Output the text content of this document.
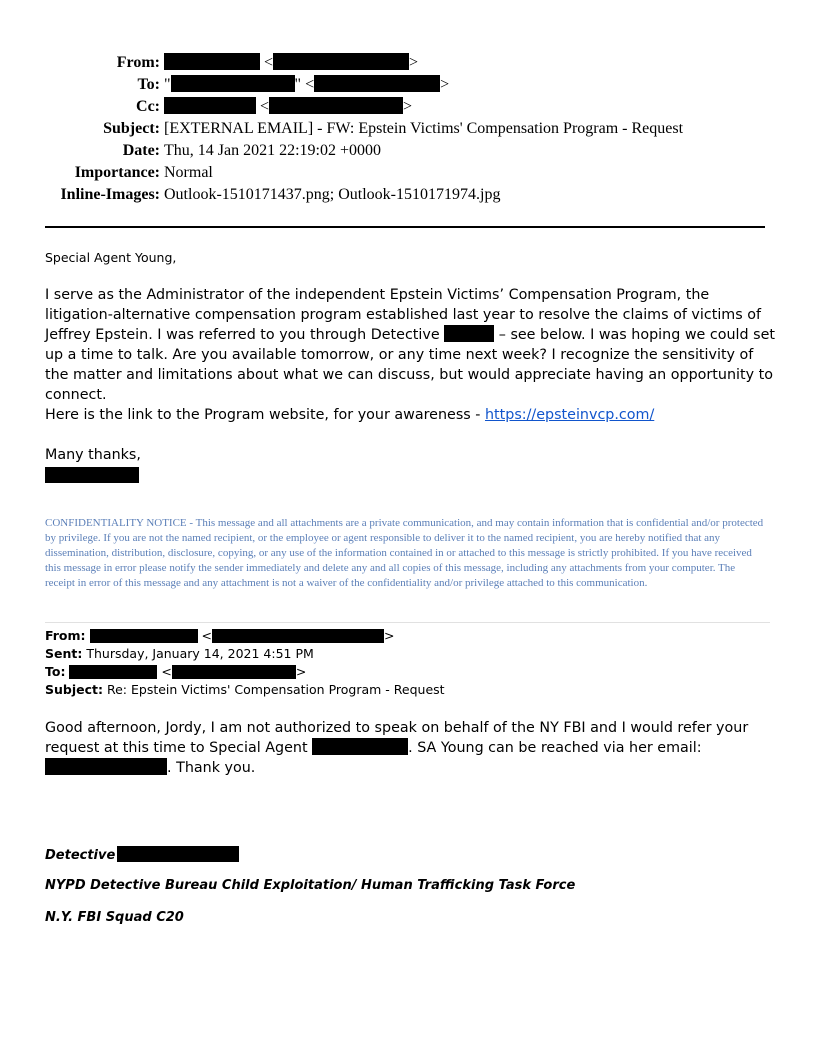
From:	<	>
To: "	" <	>
Cc:	<	>
Subject: [EXTERNAL EMAIL] - FW: Epstein Victims' Compensation Program - Request
Date: Thu, 14 Jan 2021 22:19:02 +0000
Importance: Normal
Inline-Images: Outlook-1510171437.png; Outlook-1510171974.jpg
Special Agent Young,
I serve as the Administrator of the independent Epstein Victims’ Compensation Program, the litigation-alternative compensation program established last year to resolve the claims of victims of Jeffrey Epstein. I was referred to you through Detective	– see below. I was hoping we could set up a time to talk. Are you available tomorrow, or any time next week? I recognize the sensitivity of the matter and limitations about what we can discuss, but would appreciate having an opportunity to connect.
Here is the link to the Program website, for your awareness - https://epsteinvcp.com/
Many thanks,
CONFIDENTIALITY NOTICE - This message and all attachments are a private communication, and may contain information that is confidential and/or protected by privilege. If you are not the named recipient, or the employee or agent responsible to deliver it to the named recipient, you are hereby notified that any dissemination, distribution, disclosure, copying, or any use of the information contained in or attached to this message is strictly prohibited. If you have received this message in error please notify the sender immediately and delete any and all copies of this message, including any attachments from your computer. The receipt in error of this message and any attachment is not a waiver of the confidentiality and/or privilege attached to this communication.
From:	<	>
Sent: Thursday, January 14, 2021 4:51 PM
To:	<	>
Subject: Re: Epstein Victims' Compensation Program - Request
Good afternoon, Jordy, I am not authorized to speak on behalf of the NY FBI and I would refer your request at this time to Special Agent	. SA Young can be reached via her email: . Thank you.
Detective
NYPD Detective Bureau Child Exploitation/ Human Trafficking Task Force
N.Y. FBI Squad C20
